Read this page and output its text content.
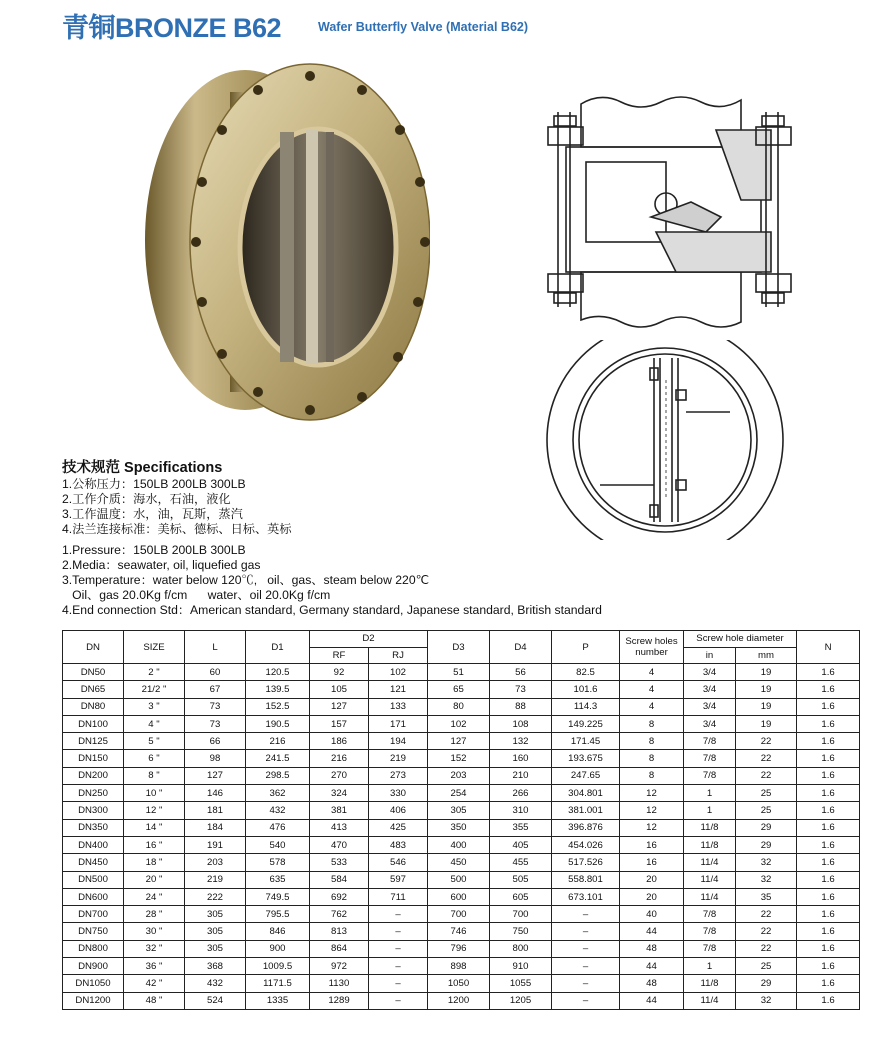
青铜BRONZE B62	Wafer Butterfly Valve (Material B62)
技术规范 Specifications
1.公称压力：150LB 200LB 300LB
2.工作介质：海水，石油，液化
3.工作温度：水，油，瓦斯，蒸汽
4.法兰连接标准：美标、德标、日标、英标
1.Pressure：150LB 200LB 300LB
2.Media：seawater, oil, liquefied gas
3.Temperature：water below 120℃,   oil、gas、steam below 220℃
Oil、gas 20.0Kg f/cm      water、oil 20.0Kg f/cm
4.End connection Std：American standard, Germany standard, Japanese standard, British standard
DN	SIZE	L	D1	D2		D3	D4	P	Screw holes number	Screw hole diameter		N
				RF	RJ					in	mm	
DN50	2 "	60	120.5	92	102	51	56	82.5	4	3/4	19	1.6
DN65	21/2 "	67	139.5	105	121	65	73	101.6	4	3/4	19	1.6
DN80	3 "	73	152.5	127	133	80	88	114.3	4	3/4	19	1.6
DN100	4 "	73	190.5	157	171	102	108	149.225	8	3/4	19	1.6
DN125	5 "	66	216	186	194	127	132	171.45	8	7/8	22	1.6
DN150	6 "	98	241.5	216	219	152	160	193.675	8	7/8	22	1.6
DN200	8 "	127	298.5	270	273	203	210	247.65	8	7/8	22	1.6
DN250	10 "	146	362	324	330	254	266	304.801	12	1	25	1.6
DN300	12 "	181	432	381	406	305	310	381.001	12	1	25	1.6
DN350	14 "	184	476	413	425	350	355	396.876	12	11/8	29	1.6
DN400	16 "	191	540	470	483	400	405	454.026	16	11/8	29	1.6
DN450	18 "	203	578	533	546	450	455	517.526	16	11/4	32	1.6
DN500	20 "	219	635	584	597	500	505	558.801	20	11/4	32	1.6
DN600	24 "	222	749.5	692	711	600	605	673.101	20	11/4	35	1.6
DN700	28 "	305	795.5	762	–	700	700	–	40	7/8	22	1.6
DN750	30 "	305	846	813	–	746	750	–	44	7/8	22	1.6
DN800	32 "	305	900	864	–	796	800	–	48	7/8	22	1.6
DN900	36 "	368	1009.5	972	–	898	910	–	44	1	25	1.6
DN1050	42 "	432	1171.5	1130	–	1050	1055	–	48	11/8	29	1.6
DN1200	48 "	524	1335	1289	–	1200	1205	–	44	11/4	32	1.6
